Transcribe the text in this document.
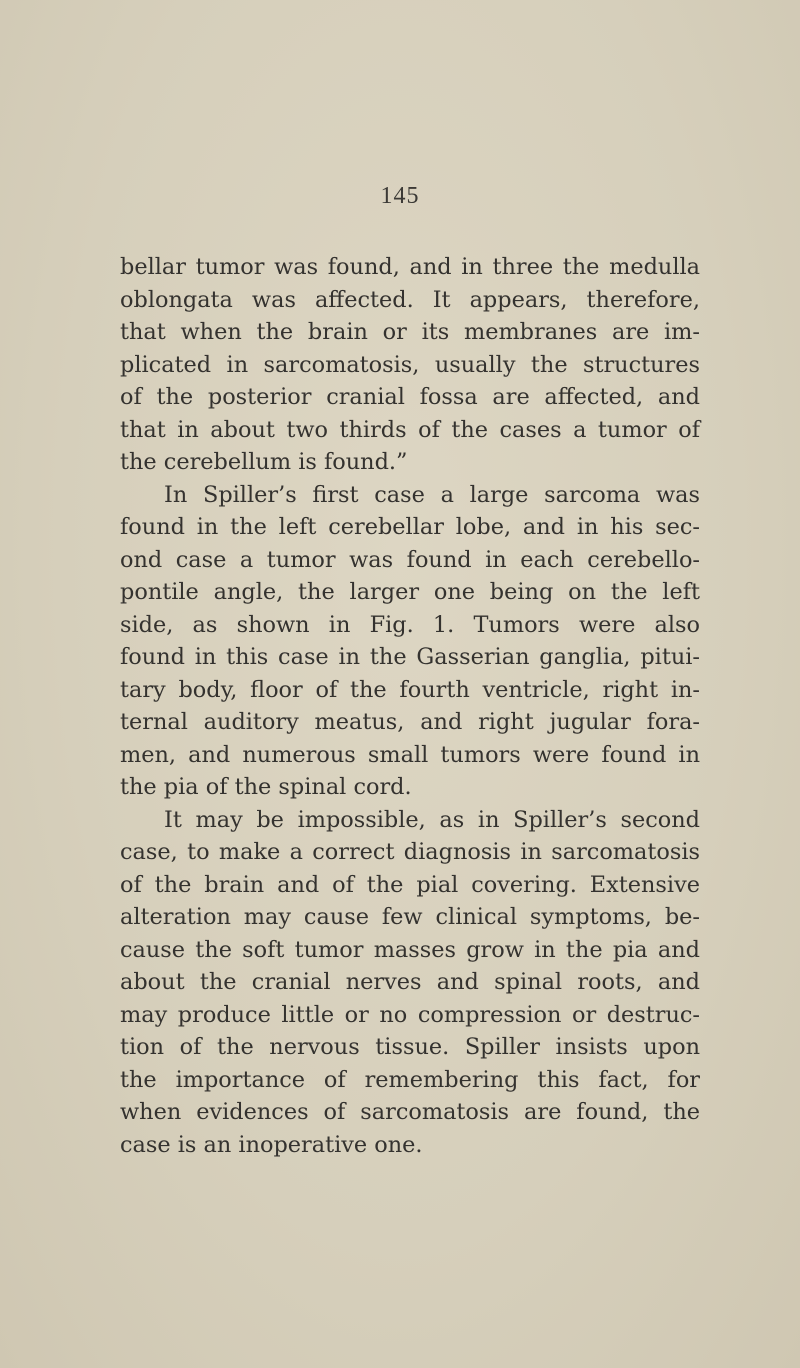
145
bellar tumor was found, and in three the medulla
oblongata was affected. It appears, therefore,
that when the brain or its membranes are im-
plicated in sarcomatosis, usually the structures
of the posterior cranial fossa are affected, and
that in about two thirds of the cases a tumor of
the cerebellum is found.”
In Spiller’s first case a large sarcoma was
found in the left cerebellar lobe, and in his sec-
ond case a tumor was found in each cerebello-
pontile angle, the larger one being on the left
side, as shown in Fig. 1. Tumors were also
found in this case in the Gasserian ganglia, pitui-
tary body, floor of the fourth ventricle, right in-
ternal auditory meatus, and right jugular fora-
men, and numerous small tumors were found in
the pia of the spinal cord.
It may be impossible, as in Spiller’s second
case, to make a correct diagnosis in sarcomatosis
of the brain and of the pial covering. Extensive
alteration may cause few clinical symptoms, be-
cause the soft tumor masses grow in the pia and
about the cranial nerves and spinal roots, and
may produce little or no compression or destruc-
tion of the nervous tissue. Spiller insists upon
the importance of remembering this fact, for
when evidences of sarcomatosis are found, the
case is an inoperative one.
